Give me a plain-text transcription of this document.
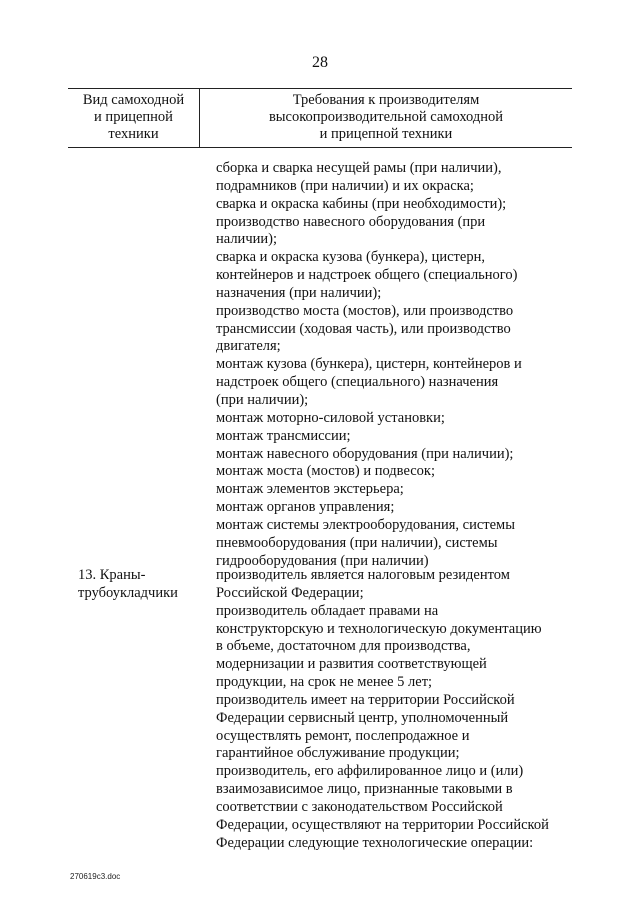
28
Вид самоходной
и прицепной
техники
Требования к производителям
высокопроизводительной самоходной
и прицепной техники
сборка и сварка несущей рамы (при наличии),
подрамников (при наличии) и их окраска;
сварка и окраска кабины (при необходимости);
производство навесного оборудования (при
наличии);
сварка и окраска кузова (бункера), цистерн,
контейнеров и надстроек общего (специального)
назначения (при наличии);
производство моста (мостов), или производство
трансмиссии (ходовая часть), или производство
двигателя;
монтаж кузова (бункера), цистерн, контейнеров и
надстроек общего (специального) назначения
(при наличии);
монтаж моторно-силовой установки;
монтаж трансмиссии;
монтаж навесного оборудования (при наличии);
монтаж моста (мостов) и подвесок;
монтаж элементов экстерьера;
монтаж органов управления;
монтаж системы электрооборудования, системы
пневмооборудования (при наличии), системы
гидрооборудования (при наличии)
13. Краны-
трубоукладчики
производитель является налоговым резидентом
Российской Федерации;
производитель обладает правами на
конструкторскую и технологическую документацию
в объеме, достаточном для производства,
модернизации и развития соответствующей
продукции, на срок не менее 5 лет;
производитель имеет на территории Российской
Федерации сервисный центр, уполномоченный
осуществлять ремонт, послепродажное и
гарантийное обслуживание продукции;
производитель, его аффилированное лицо и (или)
взаимозависимое лицо, признанные таковыми в
соответствии с законодательством Российской
Федерации, осуществляют на территории Российской
Федерации следующие технологические операции:
270619c3.doc
